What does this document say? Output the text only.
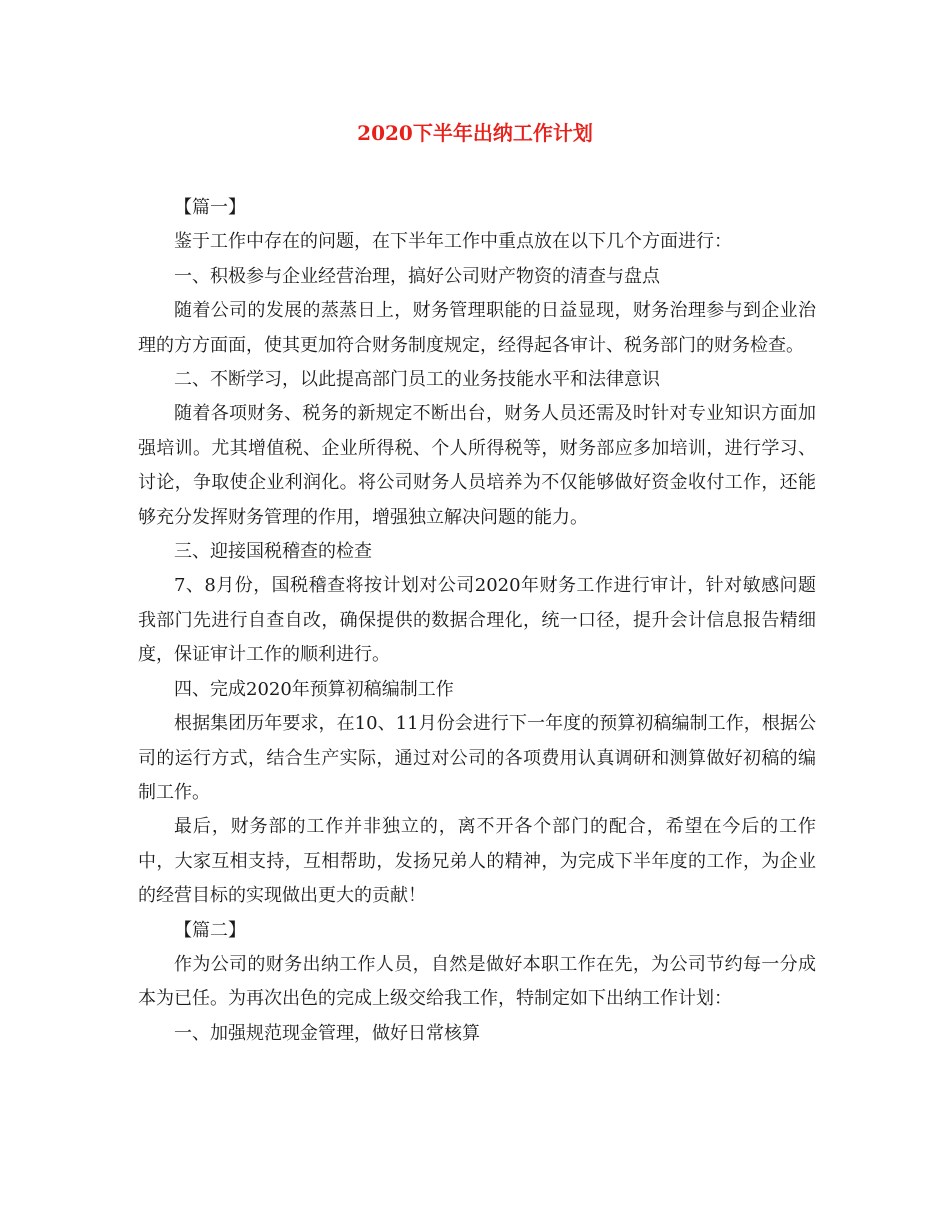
2020下半年出纳工作计划

【篇一】

鉴于工作中存在的问题，在下半年工作中重点放在以下几个方面进行：

一、积极参与企业经营治理，搞好公司财产物资的清查与盘点

随着公司的发展的蒸蒸日上，财务管理职能的日益显现，财务治理参与到企业治理的方方面面，使其更加符合财务制度规定，经得起各审计、税务部门的财务检查。

二、不断学习，以此提高部门员工的业务技能水平和法律意识

随着各项财务、税务的新规定不断出台，财务人员还需及时针对专业知识方面加强培训。尤其增值税、企业所得税、个人所得税等，财务部应多加培训，进行学习、讨论，争取使企业利润化。将公司财务人员培养为不仅能够做好资金收付工作，还能够充分发挥财务管理的作用，增强独立解决问题的能力。

三、迎接国税稽查的检查

7、8月份，国税稽查将按计划对公司2020年财务工作进行审计，针对敏感问题我部门先进行自查自改，确保提供的数据合理化，统一口径，提升会计信息报告精细度，保证审计工作的顺利进行。

四、完成2020年预算初稿编制工作

根据集团历年要求，在10、11月份会进行下一年度的预算初稿编制工作，根据公司的运行方式，结合生产实际，通过对公司的各项费用认真调研和测算做好初稿的编制工作。

最后，财务部的工作并非独立的，离不开各个部门的配合，希望在今后的工作中，大家互相支持，互相帮助，发扬兄弟人的精神，为完成下半年度的工作，为企业的经营目标的实现做出更大的贡献！

【篇二】

作为公司的财务出纳工作人员，自然是做好本职工作在先，为公司节约每一分成本为已任。为再次出色的完成上级交给我工作，特制定如下出纳工作计划：

一、加强规范现金管理，做好日常核算
